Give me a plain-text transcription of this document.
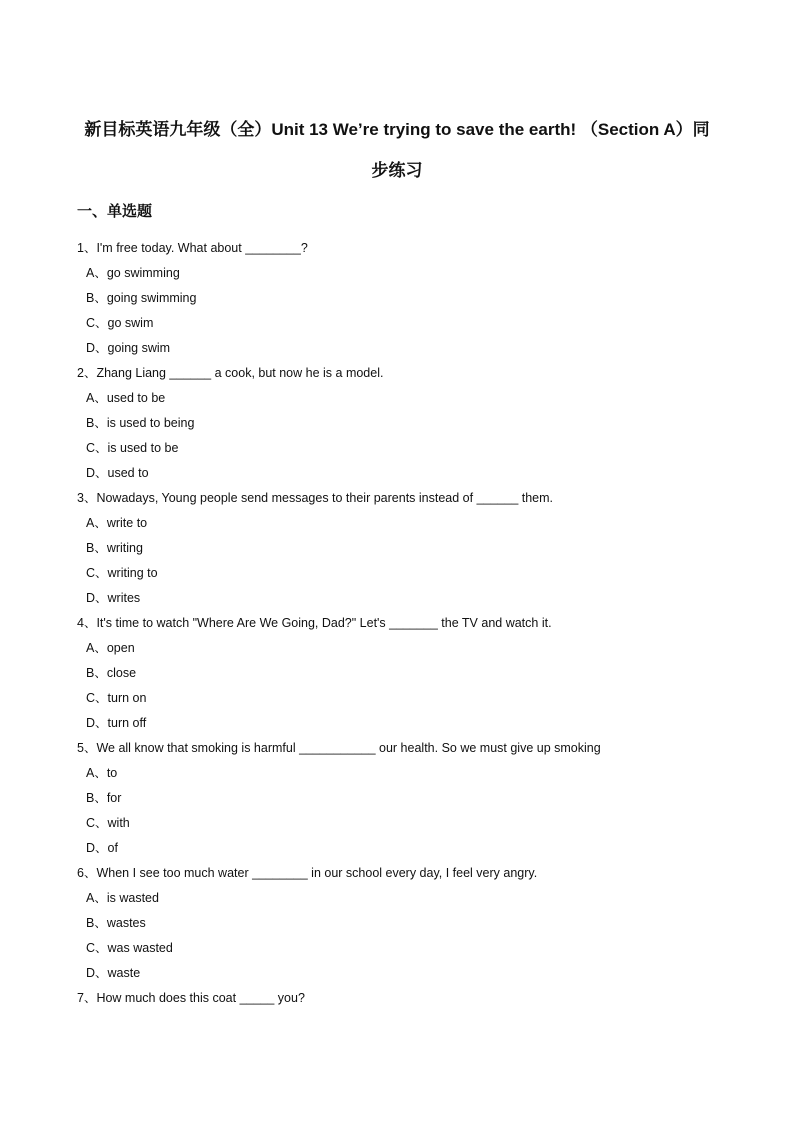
新目标英语九年级（全）Unit 13 We’re trying to save the earth! （Section A）同
步练习
一、单选题
1、I'm free today. What about ________?
A、go swimming
B、going swimming
C、go swim
D、going swim
2、Zhang Liang ______ a cook, but now he is a model.
A、used to be
B、is used to being
C、is used to be
D、used to
3、Nowadays, Young people send messages to their parents instead of ______ them.
A、write to
B、writing
C、writing to
D、writes
4、It's time to watch "Where Are We Going, Dad?" Let's _______ the TV and watch it.
A、open
B、close
C、turn on
D、turn off
5、We all know that smoking is harmful ___________ our health. So we must give up smoking
A、to
B、for
C、with
D、of
6、When I see too much water ________ in our school every day, I feel very angry.
A、is wasted
B、wastes
C、was wasted
D、waste
7、How much does this coat _____ you?
